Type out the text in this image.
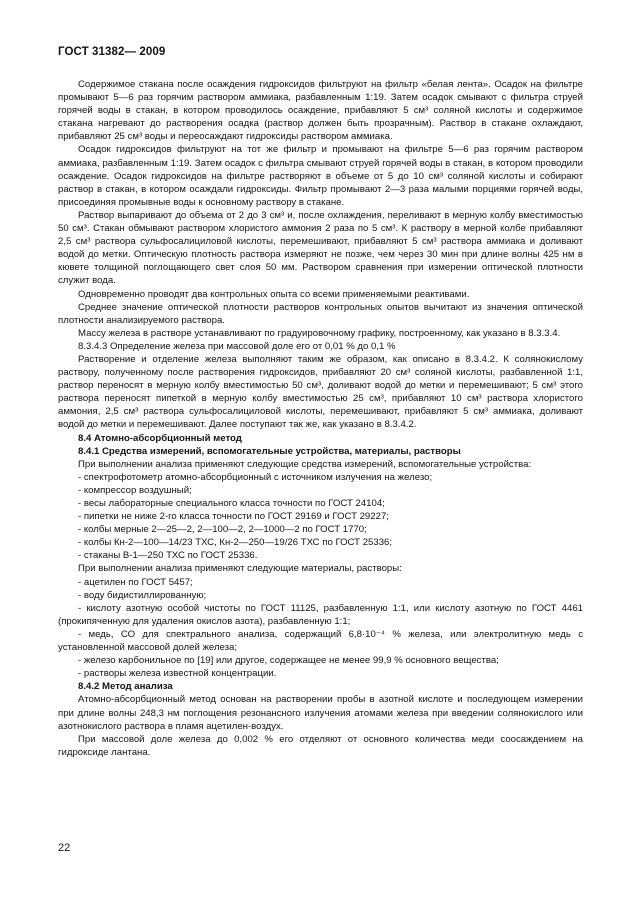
ГОСТ 31382— 2009

Содержимое стакана после осаждения гидроксидов фильтруют на фильтр «белая лента». Осадок на фильтре промывают 5—6 раз горячим раствором аммиака, разбавленным 1:19. Затем осадок смывают с фильтра струей горячей воды в стакан, в котором проводилось осаждение, прибавляют 5 см³ соляной кислоты и содержимое стакана нагревают до растворения осадка (раствор должен быть прозрачным). Раствор в стакане охлаждают, прибавляют 25 см³ воды и переосаждают гидроксиды раствором аммиака.

Осадок гидроксидов фильтруют на тот же фильтр и промывают на фильтре 5—6 раз горячим раствором аммиака, разбавленным 1:19. Затем осадок с фильтра смывают струей горячей воды в стакан, в котором проводили осаждение. Осадок гидроксидов на фильтре растворяют в объеме от 5 до 10 см³ соляной кислоты и собирают раствор в стакан, в котором осаждали гидроксиды. Фильтр промывают 2—3 раза малыми порциями горячей воды, присоединяя промывные воды к основному раствору в стакане.

Раствор выпаривают до объема от 2 до 3 см³ и, после охлаждения, переливают в мерную колбу вместимостью 50 см³. Стакан обмывают раствором хлористого аммония 2 раза по 5 см³. К раствору в мерной колбе прибавляют 2,5 см³ раствора сульфосалициловой кислоты, перемешивают, прибавляют 5 см³ раствора аммиака и доливают водой до метки. Оптическую плотность раствора измеряют не позже, чем через 30 мин при длине волны 425 нм в кювете толщиной поглощающего свет слоя 50 мм. Раствором сравнения при измерении оптической плотности служит вода.

Одновременно проводят два контрольных опыта со всеми применяемыми реактивами.

Среднее значение оптической плотности растворов контрольных опытов вычитают из значения оптической плотности анализируемого раствора.

Массу железа в растворе устанавливают по градуировочному графику, построенному, как указано в 8.3.3.4.

8.3.4.3 Определение железа при массовой доле его от 0,01 % до 0,1 %

Растворение и отделение железа выполняют таким же образом, как описано в 8.3.4.2. К солянокислому раствору, полученному после растворения гидроксидов, прибавляют 20 см³ соляной кислоты, разбавленной 1:1, раствор переносят в мерную колбу вместимостью 50 см³, доливают водой до метки и перемешивают; 5 см³ этого раствора переносят пипеткой в мерную колбу вместимостью 25 см³, прибавляют 10 см³ раствора хлористого аммония, 2,5 см³ раствора сульфосалициловой кислоты, перемешивают, прибавляют 5 см³ аммиака, доливают водой до метки и перемешивают. Далее поступают так же, как указано в 8.3.4.2.

8.4 Атомно-абсорбционный метод

8.4.1 Средства измерений, вспомогательные устройства, материалы, растворы

При выполнении анализа применяют следующие средства измерений, вспомогательные устройства:

- спектрофотометр атомно-абсорбционный с источником излучения на железо;

- компрессор воздушный;

- весы лабораторные специального класса точности по ГОСТ 24104;

- пипетки не ниже 2-го класса точности по ГОСТ 29169 и ГОСТ 29227;

- колбы мерные 2—25—2, 2—100—2, 2—1000—2 по ГОСТ 1770;

- колбы Кн-2—100—14/23 ТХС, Кн-2—250—19/26 ТХС по ГОСТ 25336;

- стаканы В-1—250 ТХС по ГОСТ 25336.

При выполнении анализа применяют следующие материалы, растворы:

- ацетилен по ГОСТ 5457;

- воду бидистиллированную;

- кислоту азотную особой чистоты по ГОСТ 11125, разбавленную 1:1, или кислоту азотную по ГОСТ 4461 (прокипяченную для удаления окислов азота), разбавленную 1:1;

- медь, СО для спектрального анализа, содержащий 6,8·10⁻⁴ % железа, или электролитную медь с установленной массовой долей железа;

- железо карбонильное по [19] или другое, содержащее не менее 99,9 % основного вещества;

- растворы железа известной концентрации.

8.4.2 Метод анализа

Атомно-абсорбционный метод основан на растворении пробы в азотной кислоте и последующем измерении при длине волны 248,3 нм поглощения резонансного излучения атомами железа при введении солянокислого или азотнокислого раствора в пламя ацетилен-воздух.

При массовой доле железа до 0,002 % его отделяют от основного количества меди соосаждением на гидроксиде лантана.

22
